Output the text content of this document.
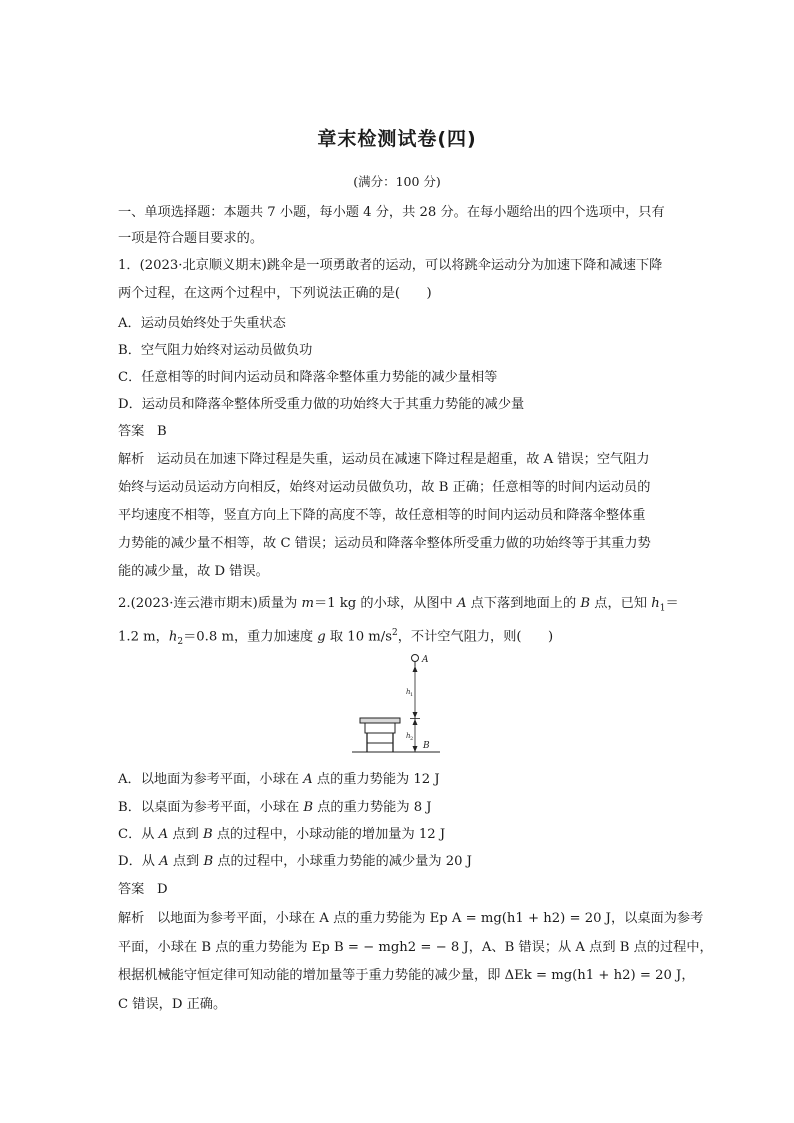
章末检测试卷(四)
(满分：100 分)
一、单项选择题：本题共 7 小题，每小题 4 分，共 28 分。在每小题给出的四个选项中，只有
一项是符合题目要求的。
1．(2023·北京顺义期末)跳伞是一项勇敢者的运动，可以将跳伞运动分为加速下降和减速下降
两个过程，在这两个过程中，下列说法正确的是(　　)
A．运动员始终处于失重状态
B．空气阻力始终对运动员做负功
C．任意相等的时间内运动员和降落伞整体重力势能的减少量相等
D．运动员和降落伞整体所受重力做的功始终大于其重力势能的减少量
答案 B
解析 运动员在加速下降过程是失重，运动员在减速下降过程是超重，故 A 错误；空气阻力
始终与运动员运动方向相反，始终对运动员做负功，故 B 正确；任意相等的时间内运动员的
平均速度不相等，竖直方向上下降的高度不等，故任意相等的时间内运动员和降落伞整体重
力势能的减少量不相等，故 C 错误；运动员和降落伞整体所受重力做的功始终等于其重力势
能的减少量，故 D 错误。
2.(2023·连云港市期末)质量为 m＝1 kg 的小球，从图中 A 点下落到地面上的 B 点，已知 $h_1=$
1.2 m，$h_2=0.8$ m，重力加速度 g 取 10 $m/s^2$，不计空气阻力，则(　　)
A
B
h 1
h 2
A．以地面为参考平面，小球在 A 点的重力势能为 12 J
B．以桌面为参考平面，小球在 B 点的重力势能为 8 J
C．从 A 点到 B 点的过程中，小球动能的增加量为 12 J
D．从 A 点到 B 点的过程中，小球重力势能的减少量为 20 J
答案 D
解析 以地面为参考平面，小球在 A 点的重力势能为 Ep A = mg(h1 + h2) = 20 J，以桌面为参考
平面，小球在 B 点的重力势能为 Ep B = − mgh2 = − 8 J，A、B 错误；从 A 点到 B 点的过程中，
根据机械能守恒定律可知动能的增加量等于重力势能的减少量，即 ΔEk = mg(h1 + h2) = 20 J，
C 错误，D 正确。
